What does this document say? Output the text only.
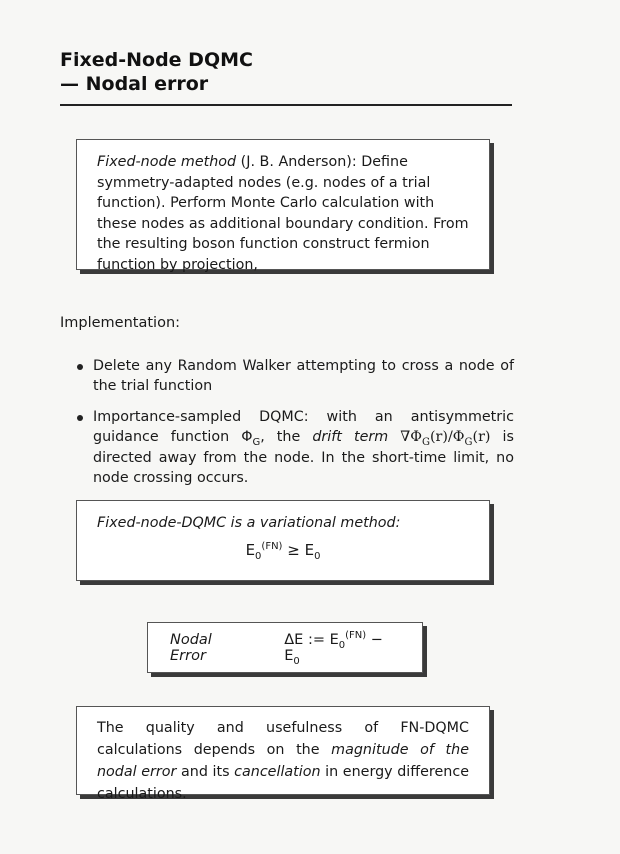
Fixed-Node DQMC
— Nodal error

Fixed-node method (J. B. Anderson): Define symmetry-adapted nodes (e.g. nodes of a trial function). Perform Monte Carlo calculation with these nodes as additional boundary condition. From the resulting boson function construct fermion function by projection,

Implementation:
Delete any Random Walker attempting to cross a node of the trial function
Importance-sampled DQMC: with an antisymmetric guidance function $\Phi_G$, the drift term $\nabla\Phi_G(r)/\Phi_G(r)$ is directed away from the node. In the short-time limit, no node crossing occurs.
Fixed-node-DQMC is a variational method:
$E_0^{(FN)} \ge E_0$
Nodal Error
ΔE := $E_0^{(FN)} - E_0$

The quality and usefulness of FN-DQMC calculations depends on the magnitude of the nodal error and its cancellation in energy difference calculations.
